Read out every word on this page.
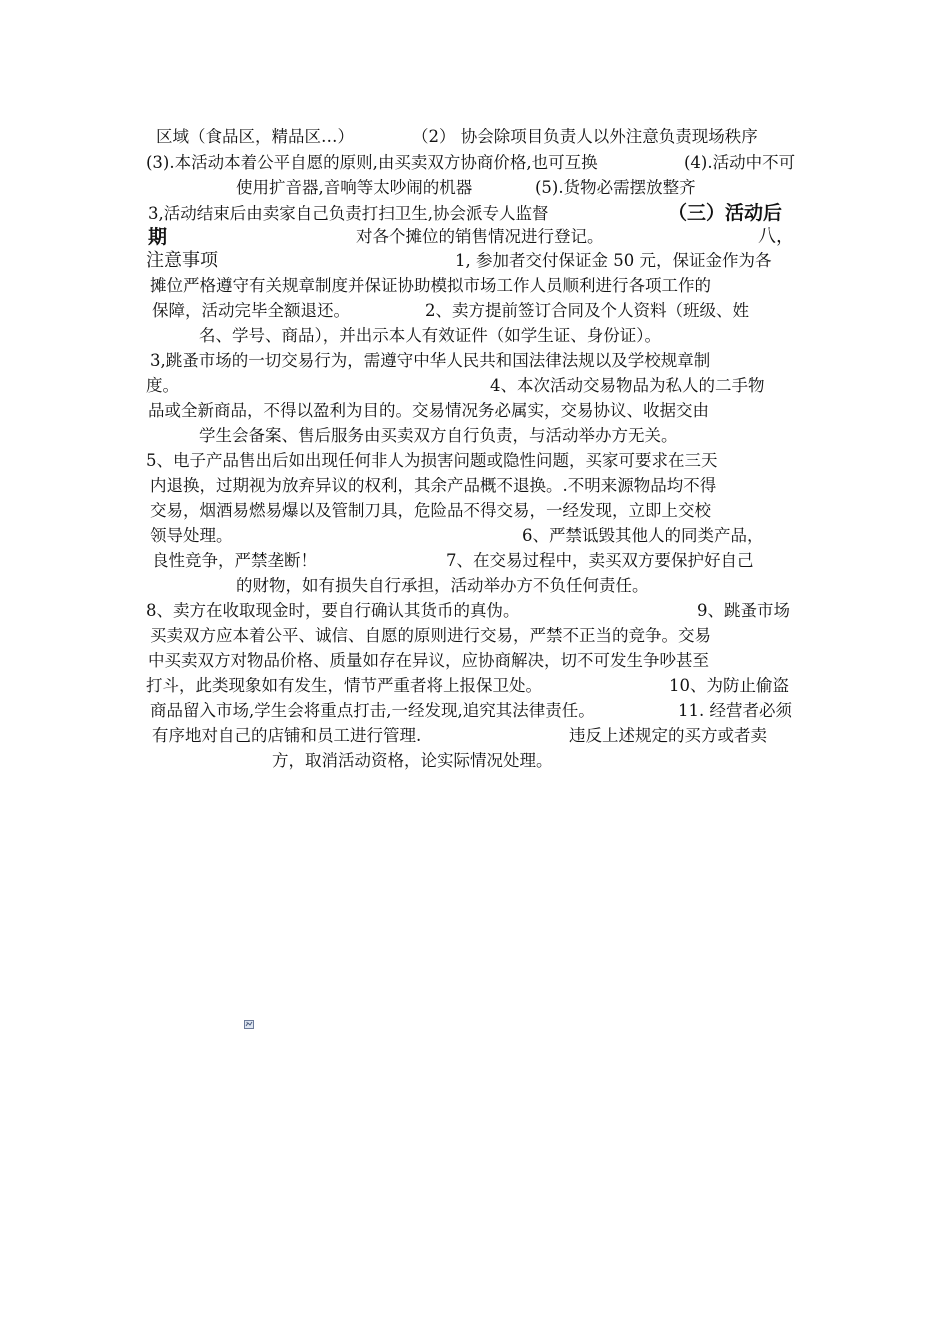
区域（食品区，精品区…）

	（2） 协会除项目负责人以外注意负责现场秩序

(3).本活动本着公平自愿的原则,由买卖双方协商价格,也可互换

	(4).活动中不可

使用扩音器,音响等太吵闹的机器

	(5).货物必需摆放整齐

3,活动结束后由卖家自己负责打扫卫生,协会派专人监督

	（三）活动后

期

	对各个摊位的销售情况进行登记。

	八，

注意事项

	1, 参加者交付保证金 50 元，保证金作为各

摊位严格遵守有关规章制度并保证协助模拟市场工作人员顺利进行各项工作的

保障，活动完毕全额退还。

	2、卖方提前签订合同及个人资料（班级、姓

名、学号、商品），并出示本人有效证件（如学生证、身份证）。

3,跳蚤市场的一切交易行为，需遵守中华人民共和国法律法规以及学校规章制

度。

	4、本次活动交易物品为私人的二手物

品或全新商品，不得以盈利为目的。交易情况务必属实，交易协议、收据交由

学生会备案、售后服务由买卖双方自行负责，与活动举办方无关。

5、电子产品售出后如出现任何非人为损害问题或隐性问题，买家可要求在三天

内退换，过期视为放弃异议的权利，其余产品概不退换。.不明来源物品均不得

交易，烟酒易燃易爆以及管制刀具，危险品不得交易，一经发现，立即上交校

领导处理。

	6、严禁诋毁其他人的同类产品，

良性竞争，严禁垄断！

	7、在交易过程中，卖买双方要保护好自己

的财物，如有损失自行承担，活动举办方不负任何责任。

8、卖方在收取现金时，要自行确认其货币的真伪。

	9、跳蚤市场

买卖双方应本着公平、诚信、自愿的原则进行交易，严禁不正当的竞争。交易

中买卖双方对物品价格、质量如存在异议，应协商解决，切不可发生争吵甚至

打斗，此类现象如有发生，情节严重者将上报保卫处。

	10、为防止偷盗

商品留入市场,学生会将重点打击,一经发现,追究其法律责任。

	11. 经营者必须

有序地对自己的店铺和员工进行管理.

	违反上述规定的买方或者卖

方，取消活动资格，论实际情况处理。
